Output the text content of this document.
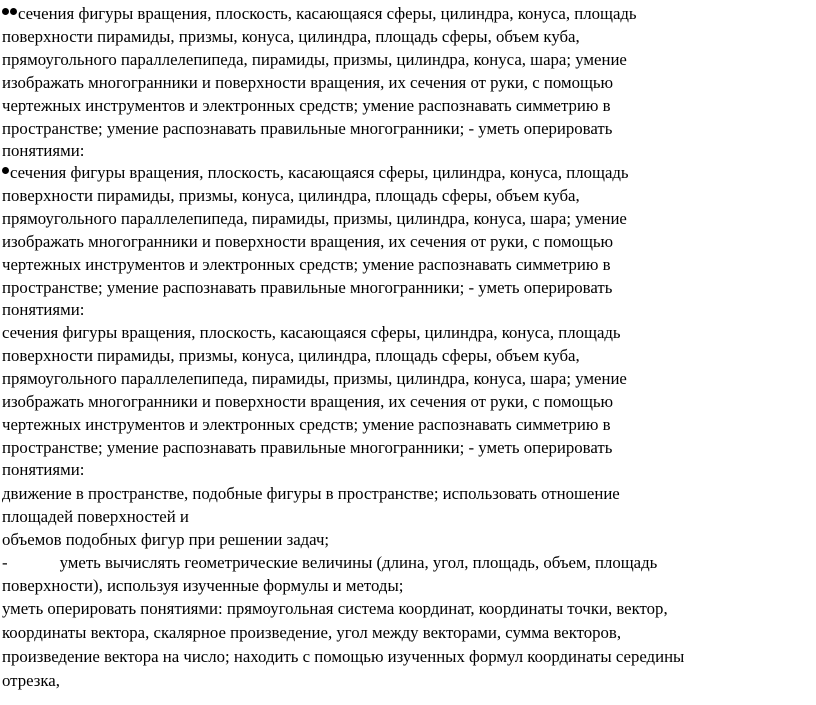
сечения фигуры вращения, плоскость, касающаяся сферы, цилиндра, конуса, площадь
поверхности пирамиды, призмы, конуса, цилиндра, площадь сферы, объем куба,
прямоугольного параллелепипеда, пирамиды, призмы, цилиндра, конуса, шара; умение
изображать многогранники и поверхности вращения, их сечения от руки, с помощью
чертежных инструментов и электронных средств; умение распознавать симметрию в
пространстве; умение распознавать правильные многогранники; - уметь оперировать
понятиями:
сечения фигуры вращения, плоскость, касающаяся сферы, цилиндра, конуса, площадь
поверхности пирамиды, призмы, конуса, цилиндра, площадь сферы, объем куба,
прямоугольного параллелепипеда, пирамиды, призмы, цилиндра, конуса, шара; умение
изображать многогранники и поверхности вращения, их сечения от руки, с помощью
чертежных инструментов и электронных средств; умение распознавать симметрию в
пространстве; умение распознавать правильные многогранники; - уметь оперировать
понятиями:
сечения фигуры вращения, плоскость, касающаяся сферы, цилиндра, конуса, площадь
поверхности пирамиды, призмы, конуса, цилиндра, площадь сферы, объем куба,
прямоугольного параллелепипеда, пирамиды, призмы, цилиндра, конуса, шара; умение
изображать многогранники и поверхности вращения, их сечения от руки, с помощью
чертежных инструментов и электронных средств; умение распознавать симметрию в
пространстве; умение распознавать правильные многогранники; - уметь оперировать
понятиями:
движение в пространстве, подобные фигуры в пространстве; использовать отношение
площадей поверхностей и
объемов подобных фигур при решении задач;
-	уметь вычислять геометрические величины (длина, угол, площадь, объем, площадь
поверхности), используя изученные формулы и методы;
уметь оперировать понятиями: прямоугольная система координат, координаты точки, вектор,
координаты вектора, скалярное произведение, угол между векторами, сумма векторов,
произведение вектора на число; находить с помощью изученных формул координаты середины
отрезка,
